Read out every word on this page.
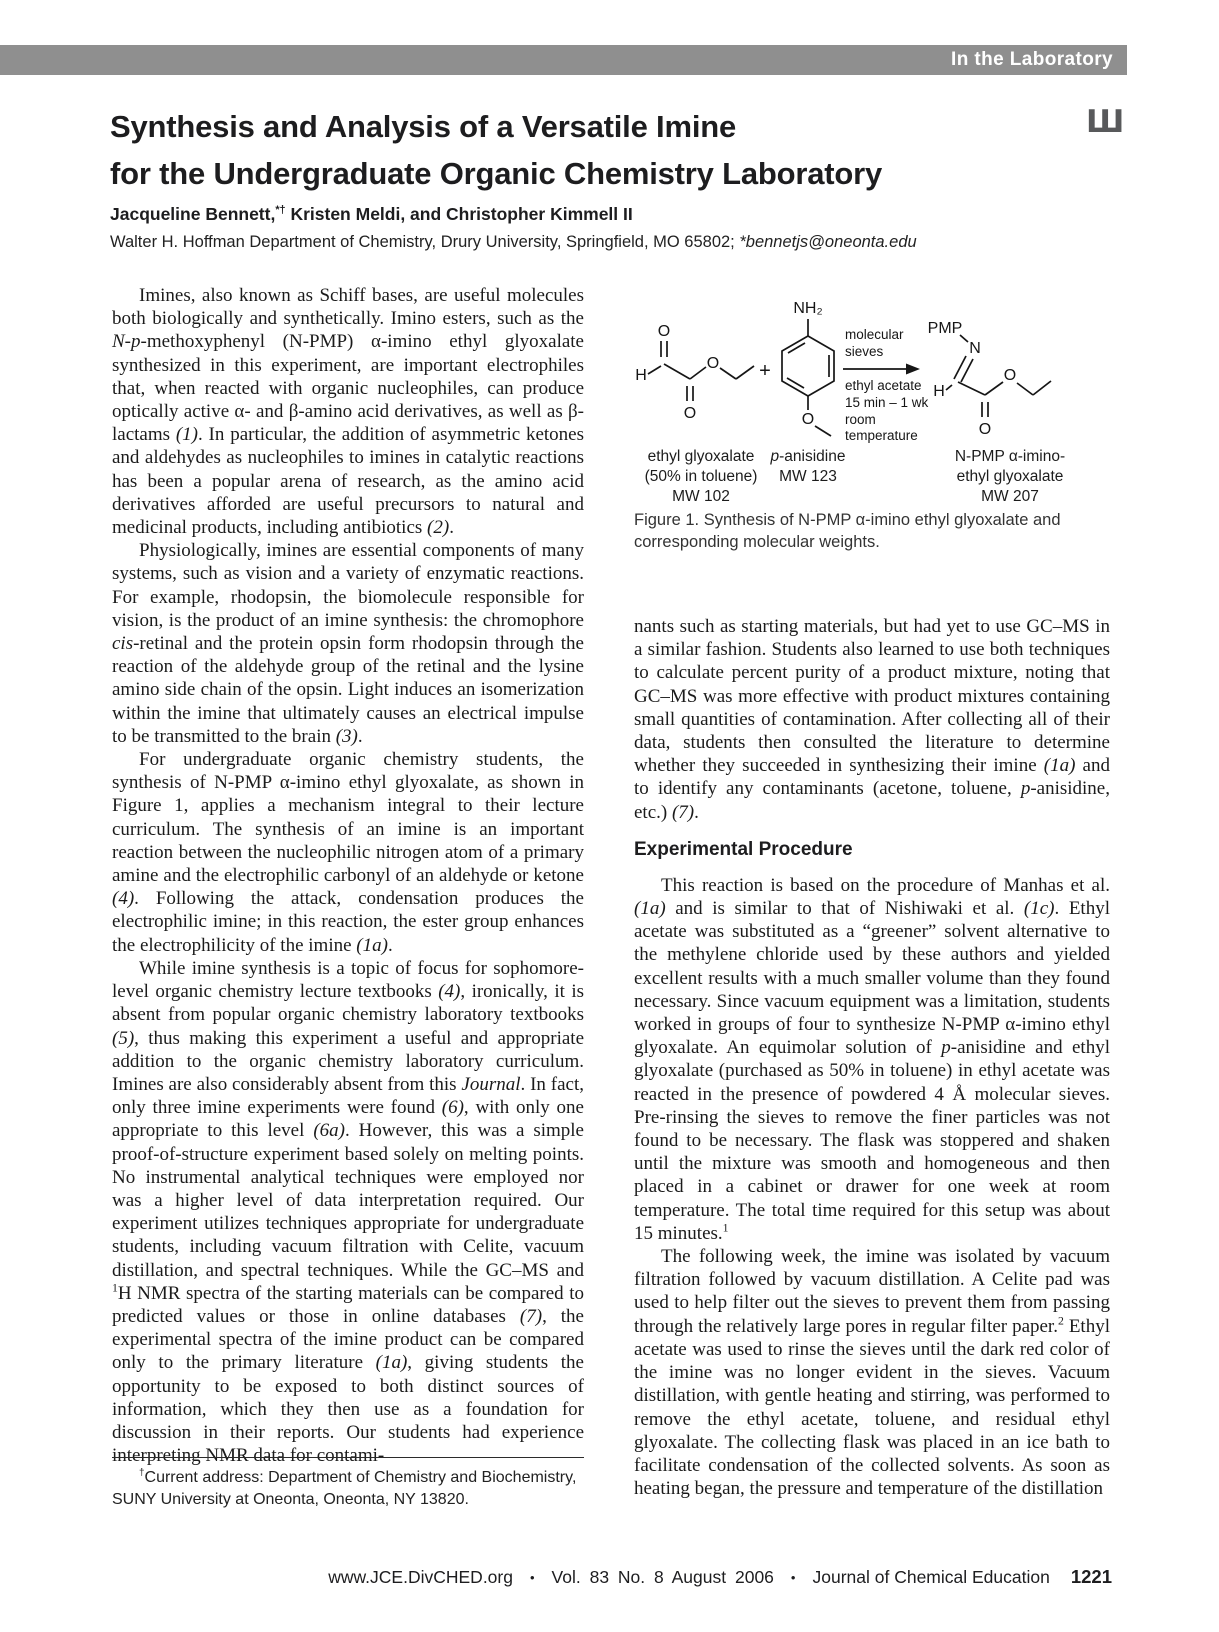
In the Laboratory
Synthesis and Analysis of a Versatile Imine
for the Undergraduate Organic Chemistry Laboratory
Ш
Jacqueline Bennett,*† Kristen Meldi, and Christopher Kimmell II
Walter H. Hoffman Department of Chemistry, Drury University, Springfield, MO 65802; *bennetjs@oneonta.edu

Imines, also known as Schiff bases, are useful molecules both biologically and synthetically. Imino esters, such as the N-p-methoxyphenyl (N-PMP) α-imino ethyl glyoxalate synthesized in this experiment, are important electrophiles that, when reacted with organic nucleophiles, can produce optically active α- and β-amino acid derivatives, as well as β-lactams (1). In particular, the addition of asymmetric ketones and aldehydes as nucleophiles to imines in catalytic reactions has been a popular arena of research, as the amino acid derivatives afforded are useful precursors to natural and medicinal products, including antibiotics (2).

Physiologically, imines are essential components of many systems, such as vision and a variety of enzymatic reactions. For example, rhodopsin, the biomolecule responsible for vision, is the product of an imine synthesis: the chromophore cis-retinal and the protein opsin form rhodopsin through the reaction of the aldehyde group of the retinal and the lysine amino side chain of the opsin. Light induces an isomerization within the imine that ultimately causes an electrical impulse to be transmitted to the brain (3).

For undergraduate organic chemistry students, the synthesis of N-PMP α-imino ethyl glyoxalate, as shown in Figure 1, applies a mechanism integral to their lecture curriculum. The synthesis of an imine is an important reaction between the nucleophilic nitrogen atom of a primary amine and the electrophilic carbonyl of an aldehyde or ketone (4). Following the attack, condensation produces the electrophilic imine; in this reaction, the ester group enhances the electrophilicity of the imine (1a).

While imine synthesis is a topic of focus for sophomore-level organic chemistry lecture textbooks (4), ironically, it is absent from popular organic chemistry laboratory textbooks (5), thus making this experiment a useful and appropriate addition to the organic chemistry laboratory curriculum. Imines are also considerably absent from this Journal. In fact, only three imine experiments were found (6), with only one appropriate to this level (6a). However, this was a simple proof-of-structure experiment based solely on melting points. No instrumental analytical techniques were employed nor was a higher level of data interpretation required. Our experiment utilizes techniques appropriate for undergraduate students, including vacuum filtration with Celite, vacuum distillation, and spectral techniques. While the GC–MS and $^1$H NMR spectra of the starting materials can be compared to predicted values or those in online databases (7), the experimental spectra of the imine product can be compared only to the primary literature (1a), giving students the opportunity to be exposed to both distinct sources of information, which they then use as a foundation for discussion in their reports. Our students had experience interpreting NMR data for contami-

H
O
O
O +
NH₂
O
molecular
sieves
ethyl acetate
15 min – 1 wk
room
temperature
PMP
N
H
O
O
ethyl glyoxalate
(50% in toluene)
MW 102
p-anisidine
MW 123
N-PMP α-imino-
ethyl glyoxalate
MW 207
Figure 1. Synthesis of N-PMP α-imino ethyl glyoxalate and corresponding molecular weights.

nants such as starting materials, but had yet to use GC–MS in a similar fashion. Students also learned to use both techniques to calculate percent purity of a product mixture, noting that GC–MS was more effective with product mixtures containing small quantities of contamination. After collecting all of their data, students then consulted the literature to determine whether they succeeded in synthesizing their imine (1a) and to identify any contaminants (acetone, toluene, p-anisidine, etc.) (7).

Experimental Procedure

This reaction is based on the procedure of Manhas et al. (1a) and is similar to that of Nishiwaki et al. (1c). Ethyl acetate was substituted as a “greener” solvent alternative to the methylene chloride used by these authors and yielded excellent results with a much smaller volume than they found necessary. Since vacuum equipment was a limitation, students worked in groups of four to synthesize N-PMP α-imino ethyl glyoxalate. An equimolar solution of p-anisidine and ethyl glyoxalate (purchased as 50% in toluene) in ethyl acetate was reacted in the presence of powdered 4 Å molecular sieves. Pre-rinsing the sieves to remove the finer particles was not found to be necessary. The flask was stoppered and shaken until the mixture was smooth and homogeneous and then placed in a cabinet or drawer for one week at room temperature. The total time required for this setup was about 15 minutes.$^1$

The following week, the imine was isolated by vacuum filtration followed by vacuum distillation. A Celite pad was used to help filter out the sieves to prevent them from passing through the relatively large pores in regular filter paper.$^2$ Ethyl acetate was used to rinse the sieves until the dark red color of the imine was no longer evident in the sieves. Vacuum distillation, with gentle heating and stirring, was performed to remove the ethyl acetate, toluene, and residual ethyl glyoxalate. The collecting flask was placed in an ice bath to facilitate condensation of the collected solvents. As soon as heating began, the pressure and temperature of the distillation

†Current address: Department of Chemistry and Biochemistry, SUNY University at Oneonta, Oneonta, NY 13820.
www.JCE.DivCHED.org • Vol. 83 No. 8 August 2006 • Journal of Chemical Education 1221
